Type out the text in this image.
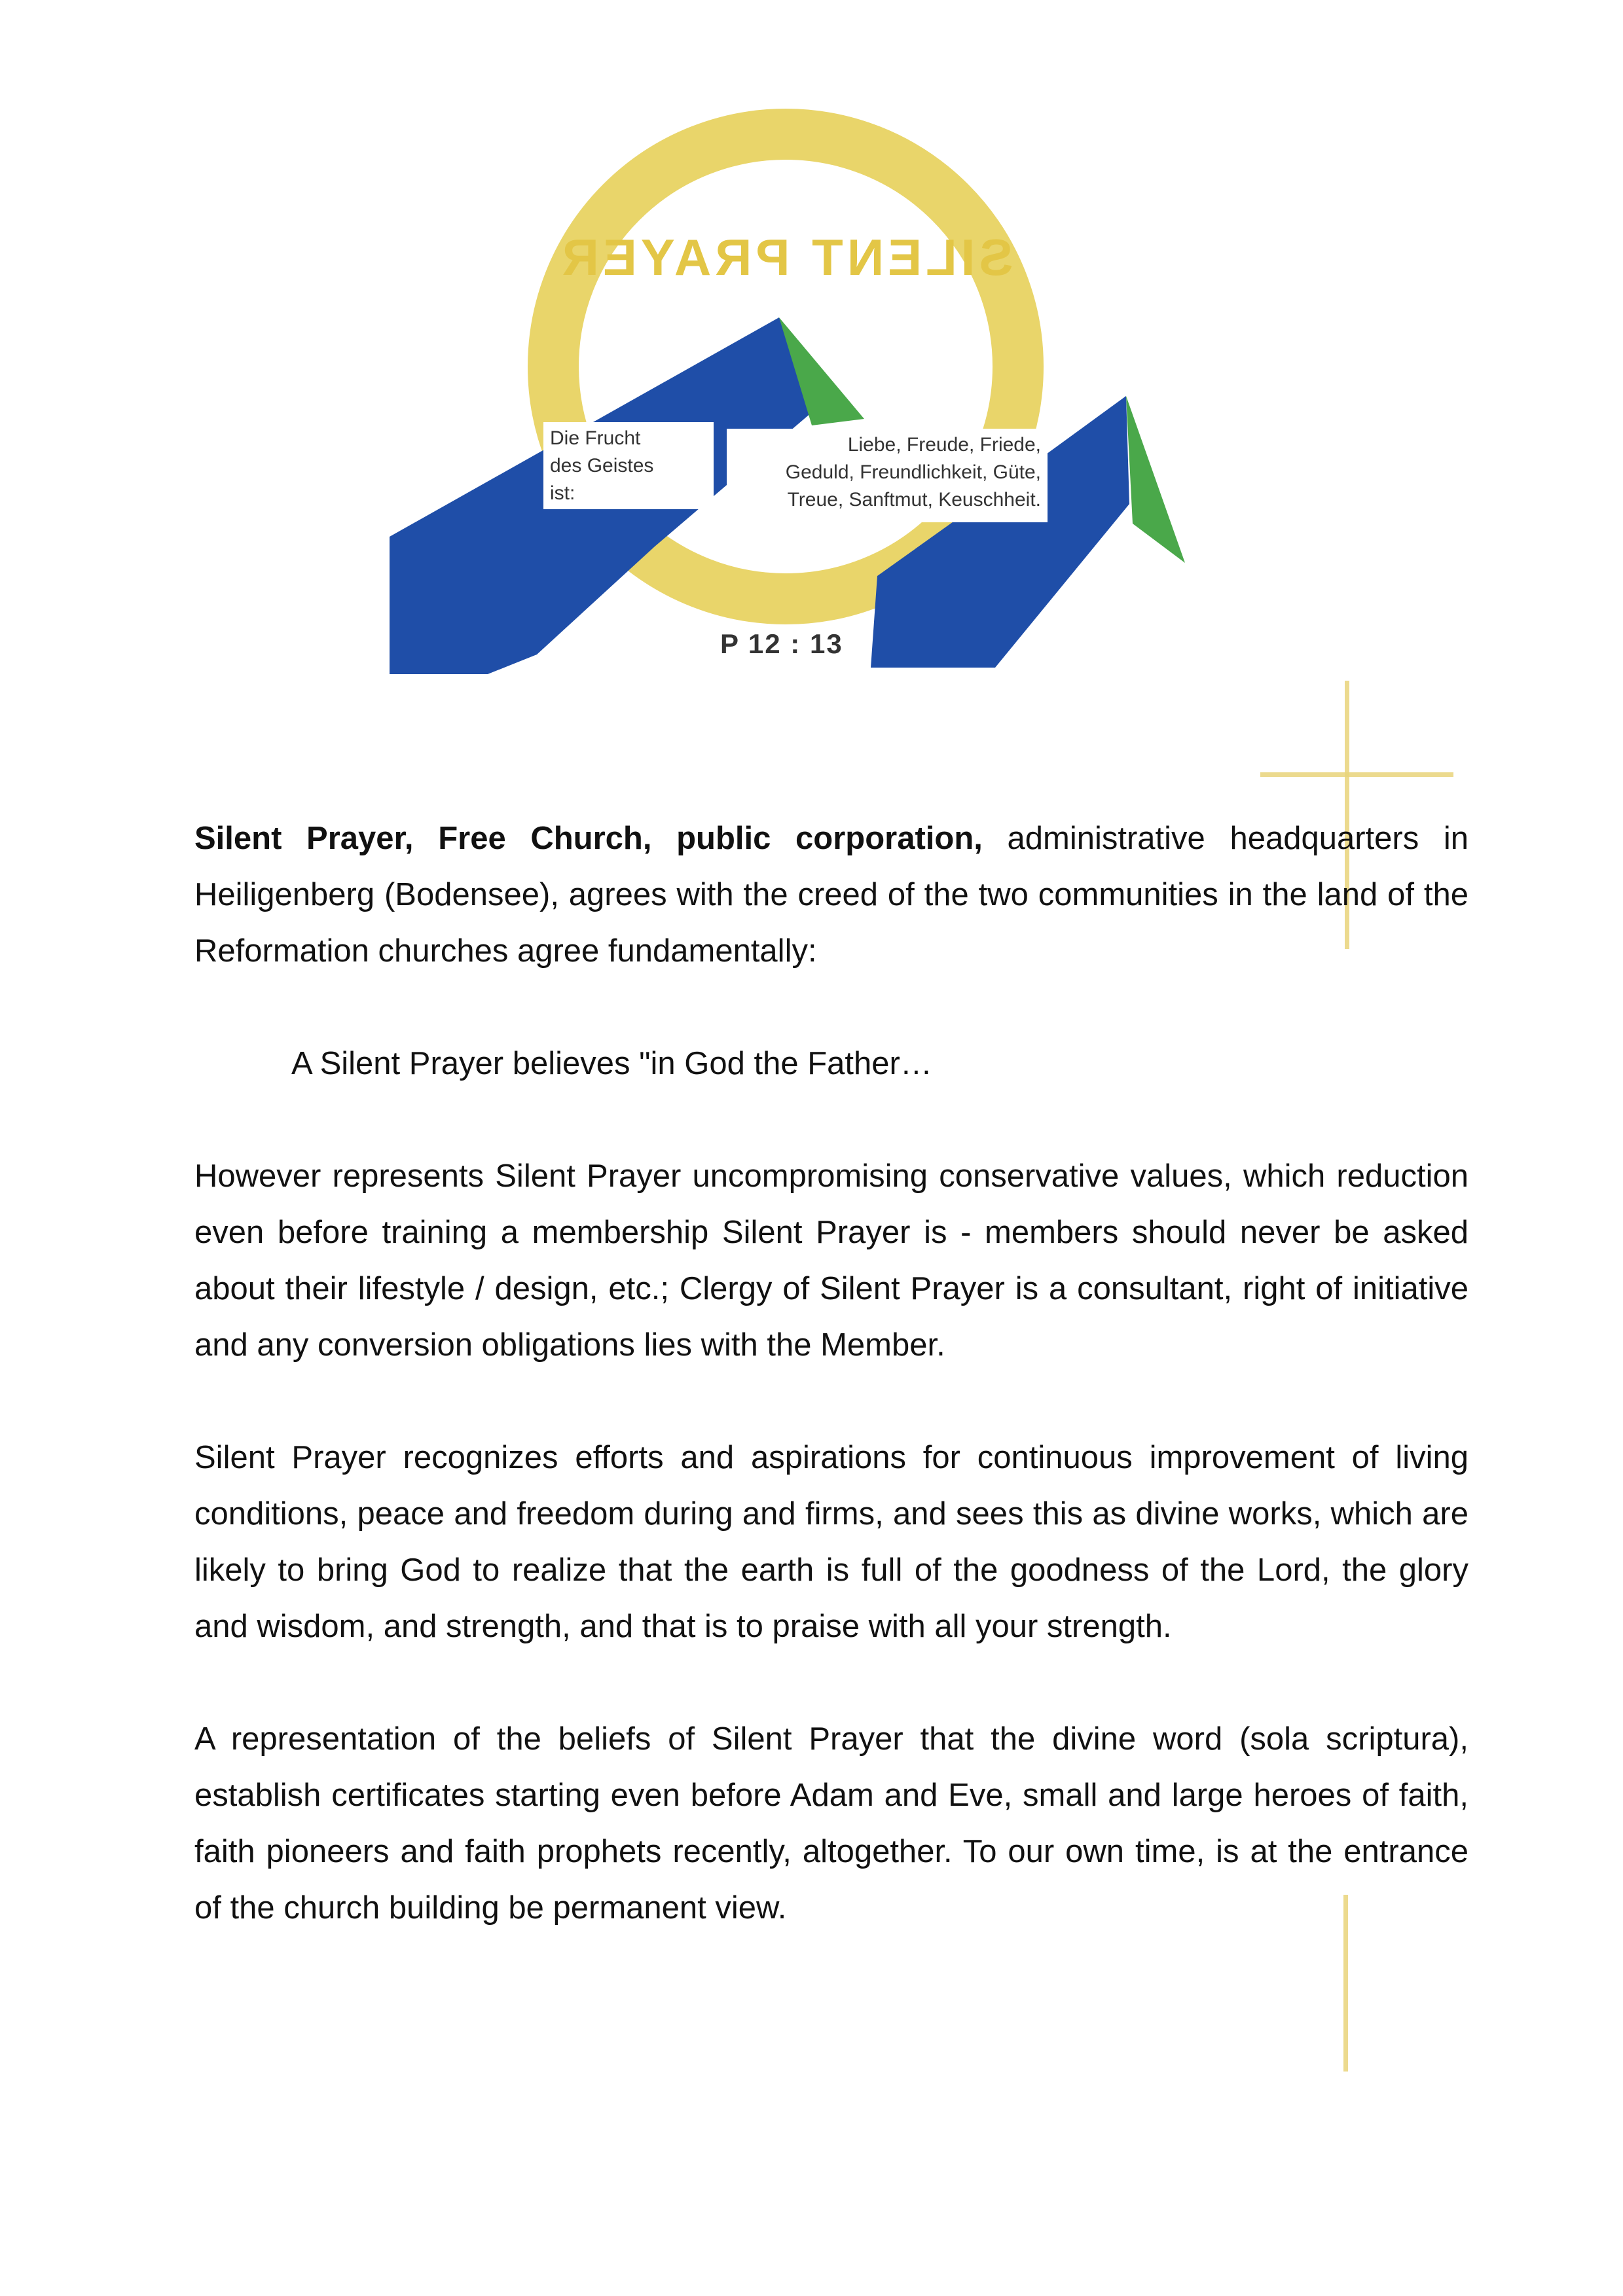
SILENT PRAYER
Die Frucht
des Geistes
ist:
Liebe, Freude, Friede,
Geduld, Freundlichkeit, Güte,
Treue, Sanftmut, Keuschheit.
P 12 : 13

Silent Prayer, Free Church, public corporation, administrative headquarters in Heiligenberg (Bodensee), agrees with the creed of the two communities in the land of the Reformation churches agree fundamentally:

A Silent Prayer believes "in God the Father…

However represents Silent Prayer uncompromising conservative values, which reduction even before training a membership Silent Prayer is - members should never be asked about their lifestyle / design, etc.; Clergy of Silent Prayer is a consultant, right of initiative and any conversion obligations lies with the Member.

Silent Prayer recognizes efforts and aspirations for continuous improvement of living conditions, peace and freedom during and firms, and sees this as divine works, which are likely to bring God to realize that the earth is full of the goodness of the Lord, the glory and wisdom, and strength, and that is to praise with all your strength.

A representation of the beliefs of Silent Prayer that the divine word (sola scriptura), establish certificates starting even before Adam and Eve, small and large heroes of faith, faith pioneers and faith prophets recently, altogether. To our own time, is at the entrance of the church building be permanent view.
